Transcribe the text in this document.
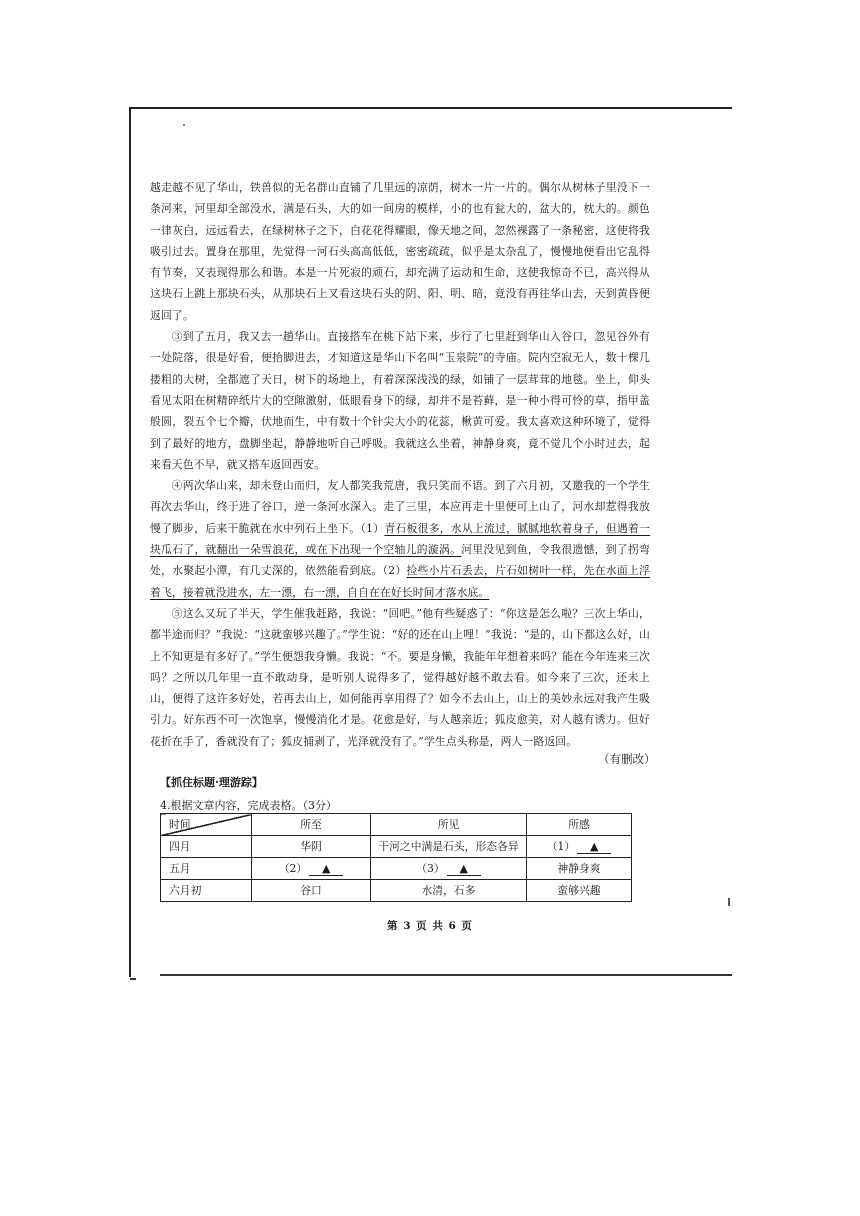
越走越不见了华山，铁兽似的无名群山直铺了几里远的凉荫，树木一片一片的。偶尔从树林子里没下一条河来，河里却全部没水，满是石头，大的如一间房的模样，小的也有瓮大的，盆大的，枕大的。颜色一律灰白，远远看去，在绿树林子之下，白花花得耀眼，像天地之间，忽然裸露了一条秘密，这使将我吸引过去。置身在那里，先觉得一河石头高高低低，密密疏疏，似乎是太杂乱了，慢慢地便看出它乱得有节奏，又表现得那么和谐。本是一片死寂的顽石，却充满了运动和生命，这使我惊奇不已，高兴得从这块石上跳上那块石头，从那块石上又看这块石头的阴、阳、明、暗，竟没有再往华山去，天到黄昏便返回了。

③到了五月，我又去一趟华山。直接搭车在桃下站下来，步行了七里赶到华山入谷口，忽见谷外有一处院落，很是好看，便抬脚进去，才知道这是华山下名叫“玉泉院”的寺庙。院内空寂无人，数十棵几搂粗的大树，全都遮了天日，树下的场地上，有着深深浅浅的绿，如铺了一层茸茸的地毯。坐上，仰头看见太阳在树精碎纸片大的空隙激射，低眼看身下的绿，却并不是苔藓，是一种小得可怜的草，指甲盖般圆，裂五个七个瓣，伏地而生，中有数十个针尖大小的花蕊，楸黄可爱。我太喜欢这种环境了，觉得到了最好的地方，盘脚坐起，静静地听自己呼吸。我就这么坐着，神静身爽，竟不觉几个小时过去，起来看天色不早，就又搭车返回西安。

④两次华山来，却未登山而归，友人都笑我荒唐，我只笑而不语。到了六月初，又邀我的一个学生再次去华山，终于进了谷口，逆一条河水深入。走了三里，本应再走十里便可上山了，河水却惹得我放慢了脚步，后来干脆就在水中列石上坐下。（1）青石板很多，水从上流过，腻腻地软着身子，但遇着一块瓜石了，就翻出一朵雪浪花，或在下出现一个空轴儿的漩涡。河里没见到鱼，令我很遗憾，到了拐弯处，水聚起小潭，有几丈深的，依然能看到底。（2）捡些小片石丢去，片石如树叶一样，先在水面上浮着飞，接着就没进水，左一漂，右一漂，自自在在好长时间才落水底。

⑤这么又玩了半天，学生催我赶路，我说：“回吧。”他有些疑惑了：“你这是怎么啦？三次上华山，都半途而归？”我说：“这就蛮够兴趣了。”学生说：“好的还在山上哩！”我说：“是的，山下都这么好，山上不知更是有多好了。”学生便怨我身懒。我说：“不。要是身懒，我能年年想着来吗？能在今年连来三次吗？之所以几年里一直不敢动身，是听别人说得多了，觉得越好越不敢去看。如今来了三次，还未上山，便得了这许多好处，若再去山上，如何能再享用得了？如今不去山上，山上的美妙永远对我产生吸引力。好东西不可一次饱享，慢慢消化才是。花愈是好，与人越亲近；狐皮愈美，对人越有诱力。但好花折在手了，香就没有了；狐皮捕剥了，光泽就没有了。”学生点头称是，两人一路返回。

（有删改）
【抓住标题·理游踪】
4.根据文章内容，完成表格。（3分）
时间	所至	所见	所感
四月	华阴	干河之中满是石头，形态各异	（1） ▲
五月	（2） ▲	（3） ▲	神静身爽
六月初	谷口	水清，石多	蛮够兴趣
第 3 页 共 6 页
